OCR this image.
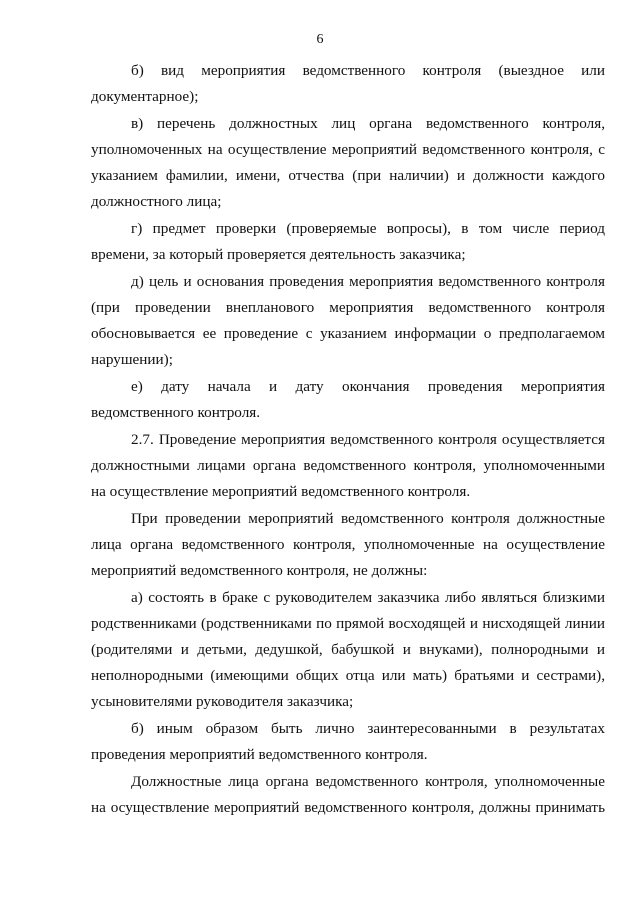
6

б) вид мероприятия ведомственного контроля (выездное или документарное);

в) перечень должностных лиц органа ведомственного контроля, уполномоченных на осуществление мероприятий ведомственного контроля, с указанием фамилии, имени, отчества (при наличии) и должности каждого должностного лица;

г) предмет проверки (проверяемые вопросы), в том числе период времени, за который проверяется деятельность заказчика;

д) цель и основания проведения мероприятия ведомственного контроля (при проведении внепланового мероприятия ведомственного контроля обосновывается ее проведение с указанием информации о предполагаемом нарушении);

е) дату начала и дату окончания проведения мероприятия ведомственного контроля.

2.7. Проведение мероприятия ведомственного контроля осуществляется должностными лицами органа ведомственного контроля, уполномоченными на осуществление мероприятий ведомственного контроля.

При проведении мероприятий ведомственного контроля должностные лица органа ведомственного контроля, уполномоченные на осуществление мероприятий ведомственного контроля, не должны:

а) состоять в браке с руководителем заказчика либо являться близкими родственниками (родственниками по прямой восходящей и нисходящей линии (родителями и детьми, дедушкой, бабушкой и внуками), полнородными и неполнородными (имеющими общих отца или мать) братьями и сестрами), усыновителями руководителя заказчика;

б) иным образом быть лично заинтересованными в результатах проведения мероприятий ведомственного контроля.

Должностные лица органа ведомственного контроля, уполномоченные на осуществление мероприятий ведомственного контроля, должны принимать
